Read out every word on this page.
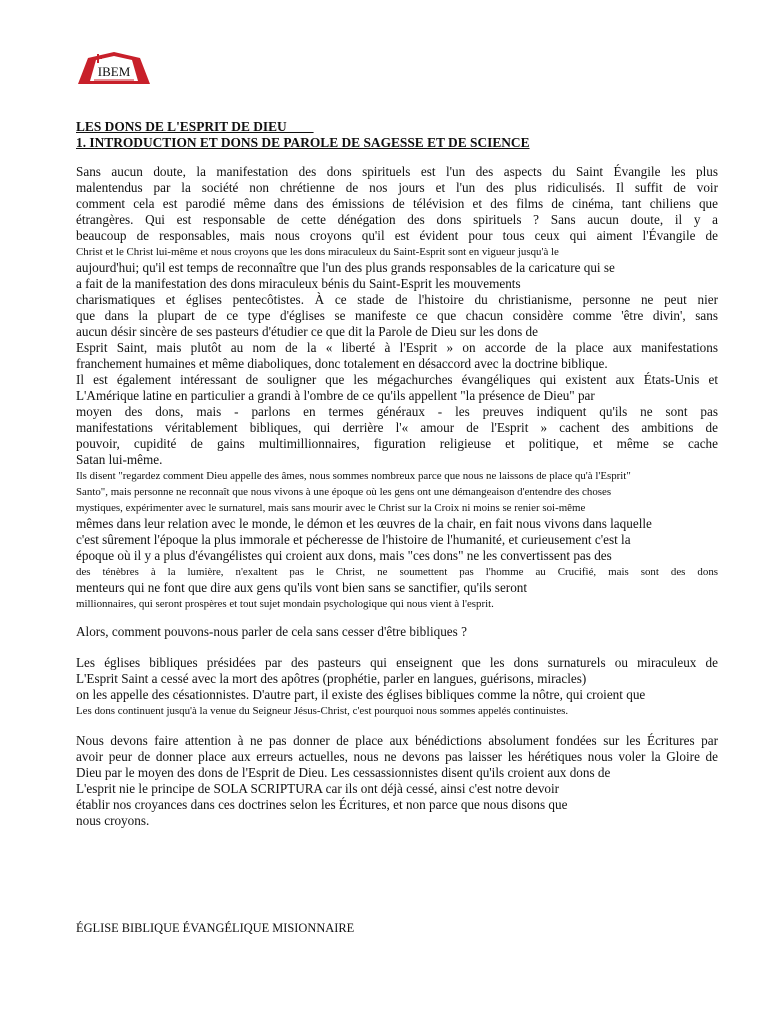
IBEM

LES DONS DE L'ESPRIT DE DIEU____

1. INTRODUCTION ET DONS DE PAROLE DE SAGESSE ET DE SCIENCE

Sans aucun doute, la manifestation des dons spirituels est l'un des aspects du Saint Évangile les plus

malentendus par la société non chrétienne de nos jours et l'un des plus ridiculisés. Il suffit de voir

comment cela est parodié même dans des émissions de télévision et des films de cinéma, tant chiliens que

étrangères. Qui est responsable de cette dénégation des dons spirituels ? Sans aucun doute, il y a

beaucoup de responsables, mais nous croyons qu'il est évident pour tous ceux qui aiment l'Évangile de

Christ et le Christ lui-même et nous croyons que les dons miraculeux du Saint-Esprit sont en vigueur jusqu'à le

aujourd'hui; qu'il est temps de reconnaître que l'un des plus grands responsables de la caricature qui se

a fait de la manifestation des dons miraculeux bénis du Saint-Esprit les mouvements

charismatiques et églises pentecôtistes. À ce stade de l'histoire du christianisme, personne ne peut nier

que dans la plupart de ce type d'églises se manifeste ce que chacun considère comme 'être divin', sans

aucun désir sincère de ses pasteurs d'étudier ce que dit la Parole de Dieu sur les dons de

Esprit Saint, mais plutôt au nom de la « liberté à l'Esprit » on accorde de la place aux manifestations

franchement humaines et même diaboliques, donc totalement en désaccord avec la doctrine biblique.

Il est également intéressant de souligner que les mégachurches évangéliques qui existent aux États-Unis et

L'Amérique latine en particulier a grandi à l'ombre de ce qu'ils appellent "la présence de Dieu" par

moyen des dons, mais - parlons en termes généraux - les preuves indiquent qu'ils ne sont pas

manifestations véritablement bibliques, qui derrière l'« amour de l'Esprit » cachent des ambitions de

pouvoir, cupidité de gains multimillionnaires, figuration religieuse et politique, et même se cache

Satan lui-même.

Ils disent "regardez comment Dieu appelle des âmes, nous sommes nombreux parce que nous ne laissons de place qu'à l'Esprit"

Santo", mais personne ne reconnaît que nous vivons à une époque où les gens ont une démangeaison d'entendre des choses

mystiques, expérimenter avec le surnaturel, mais sans mourir avec le Christ sur la Croix ni moins se renier soi-même

mêmes dans leur relation avec le monde, le démon et les œuvres de la chair, en fait nous vivons dans laquelle

c'est sûrement l'époque la plus immorale et pécheresse de l'histoire de l'humanité, et curieusement c'est la

époque où il y a plus d'évangélistes qui croient aux dons, mais "ces dons" ne les convertissent pas des

des ténèbres à la lumière, n'exaltent pas le Christ, ne soumettent pas l'homme au Crucifié, mais sont des dons

menteurs qui ne font que dire aux gens qu'ils vont bien sans se sanctifier, qu'ils seront

millionnaires, qui seront prospères et tout sujet mondain psychologique qui nous vient à l'esprit.

Alors, comment pouvons-nous parler de cela sans cesser d'être bibliques ?

Les églises bibliques présidées par des pasteurs qui enseignent que les dons surnaturels ou miraculeux de

L'Esprit Saint a cessé avec la mort des apôtres (prophétie, parler en langues, guérisons, miracles)

on les appelle des césationnistes. D'autre part, il existe des églises bibliques comme la nôtre, qui croient que

Les dons continuent jusqu'à la venue du Seigneur Jésus-Christ, c'est pourquoi nous sommes appelés continuistes.

Nous devons faire attention à ne pas donner de place aux bénédictions absolument fondées sur les Écritures par

avoir peur de donner place aux erreurs actuelles, nous ne devons pas laisser les hérétiques nous voler la Gloire de

Dieu par le moyen des dons de l'Esprit de Dieu. Les cessassionnistes disent qu'ils croient aux dons de

L'esprit nie le principe de SOLA SCRIPTURA car ils ont déjà cessé, ainsi c'est notre devoir

établir nos croyances dans ces doctrines selon les Écritures, et non parce que nous disons que

nous croyons.

ÉGLISE BIBLIQUE ÉVANGÉLIQUE MISIONNAIRE
